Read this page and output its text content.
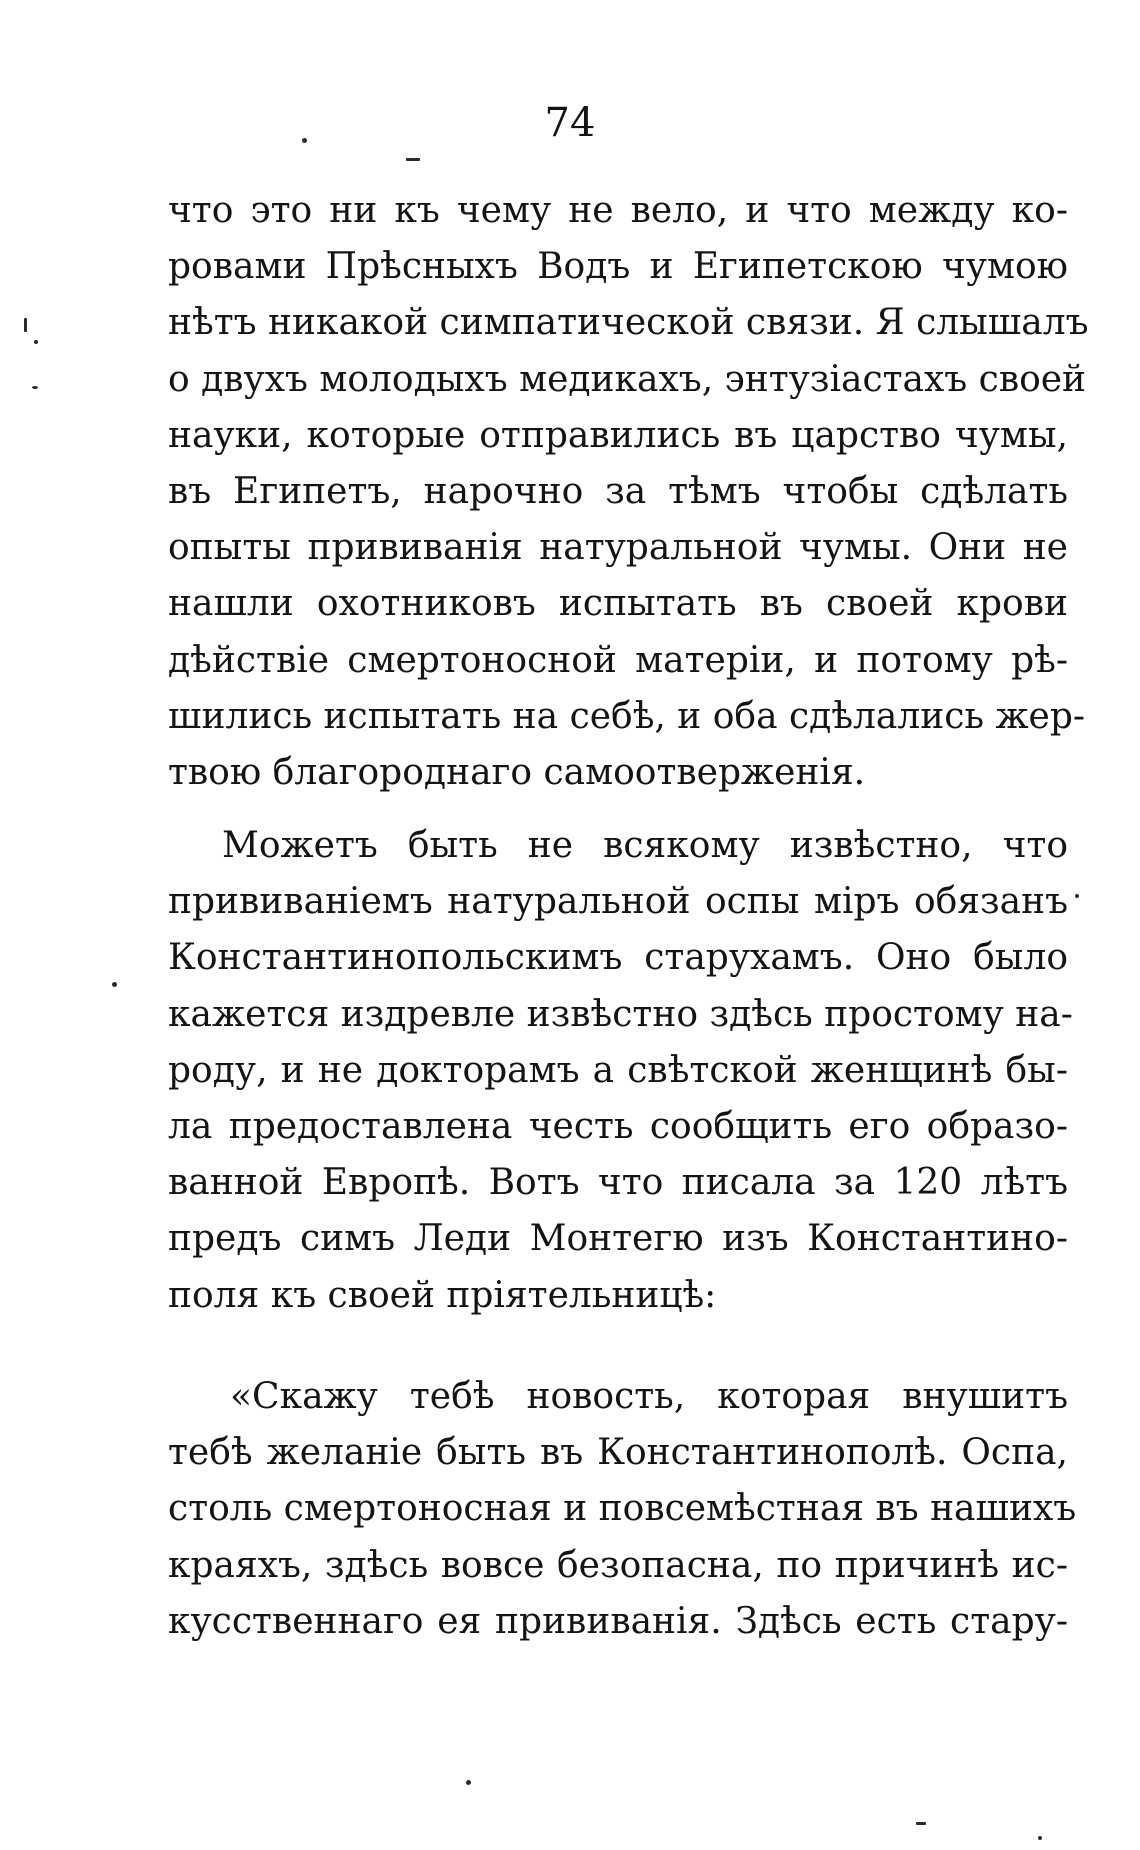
74
что это ни къ чему не вело, и что между ко-
ровами Прѣсныхъ Водъ и Египетскою чумою
нѣтъ никакой симпатической связи. Я слышалъ
о двухъ молодыхъ медикахъ, энтузіастахъ своей
науки, которые отправились въ царство чумы,
въ Египетъ, нарочно за тѣмъ чтобы сдѣлать
опыты прививанія натуральной чумы. Они не
нашли охотниковъ испытать въ своей крови
дѣйствіе смертоносной матеріи, и потому рѣ-
шились испытать на себѣ, и оба сдѣлались жер-
твою благороднаго самоотверженія.
Можетъ быть не всякому извѣстно, что
прививаніемъ натуральной оспы міръ обязанъ
Константинопольскимъ старухамъ. Оно было
кажется издревле извѣстно здѣсь простому на-
роду, и не докторамъ а свѣтской женщинѣ бы-
ла предоставлена честь сообщить его образо-
ванной Европѣ. Вотъ что писала за 120 лѣтъ
предъ симъ Леди Монтегю изъ Константино-
поля къ своей пріятельницѣ:
«Скажу тебѣ новость, которая внушитъ
тебѣ желаніе быть въ Константинополѣ. Оспа,
столь смертоносная и повсемѣстная въ нашихъ
краяхъ, здѣсь вовсе безопасна, по причинѣ ис-
кусственнаго ея прививанія. Здѣсь есть стару-
